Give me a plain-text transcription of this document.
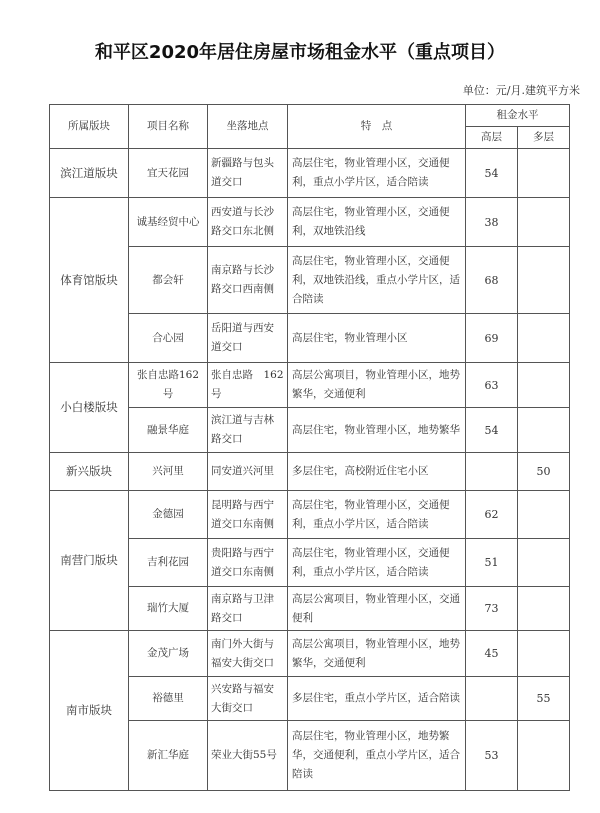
和平区2020年居住房屋市场租金水平（重点项目）
单位：元/月.建筑平方米
所属版块	项目名称	坐落地点	特　点	租金水平	
				高层	多层
滨江道版块	宜天花园	新疆路与包头道交口	高层住宅，物业管理小区，交通便利，重点小学片区，适合陪读	54	
体育馆版块	诚基经贸中心	西安道与长沙路交口东北侧	高层住宅，物业管理小区，交通便利，双地铁沿线	38	
	都会轩	南京路与长沙路交口西南侧	高层住宅，物业管理小区，交通便利，双地铁沿线，重点小学片区，适合陪读	68	
	合心园	岳阳道与西安道交口	高层住宅，物业管理小区	69	
小白楼版块	张自忠路162号	张自忠路　162号	高层公寓项目，物业管理小区，地势繁华，交通便利	63	
	融景华庭	滨江道与吉林路交口	高层住宅，物业管理小区，地势繁华	54	
新兴版块	兴河里	同安道兴河里	多层住宅，高校附近住宅小区		50
南营门版块	金德园	昆明路与西宁道交口东南侧	高层住宅，物业管理小区，交通便利，重点小学片区，适合陪读	62	
	吉利花园	贵阳路与西宁道交口东南侧	高层住宅，物业管理小区，交通便利，重点小学片区，适合陪读	51	
	瑞竹大厦	南京路与卫津路交口	高层公寓项目，物业管理小区，交通便利	73	
南市版块	金茂广场	南门外大街与福安大街交口	高层公寓项目，物业管理小区，地势繁华，交通便利	45	
	裕德里	兴安路与福安大街交口	多层住宅，重点小学片区，适合陪读		55
	新汇华庭	荣业大街55号	高层住宅，物业管理小区，地势繁华，交通便利，重点小学片区，适合陪读	53	
